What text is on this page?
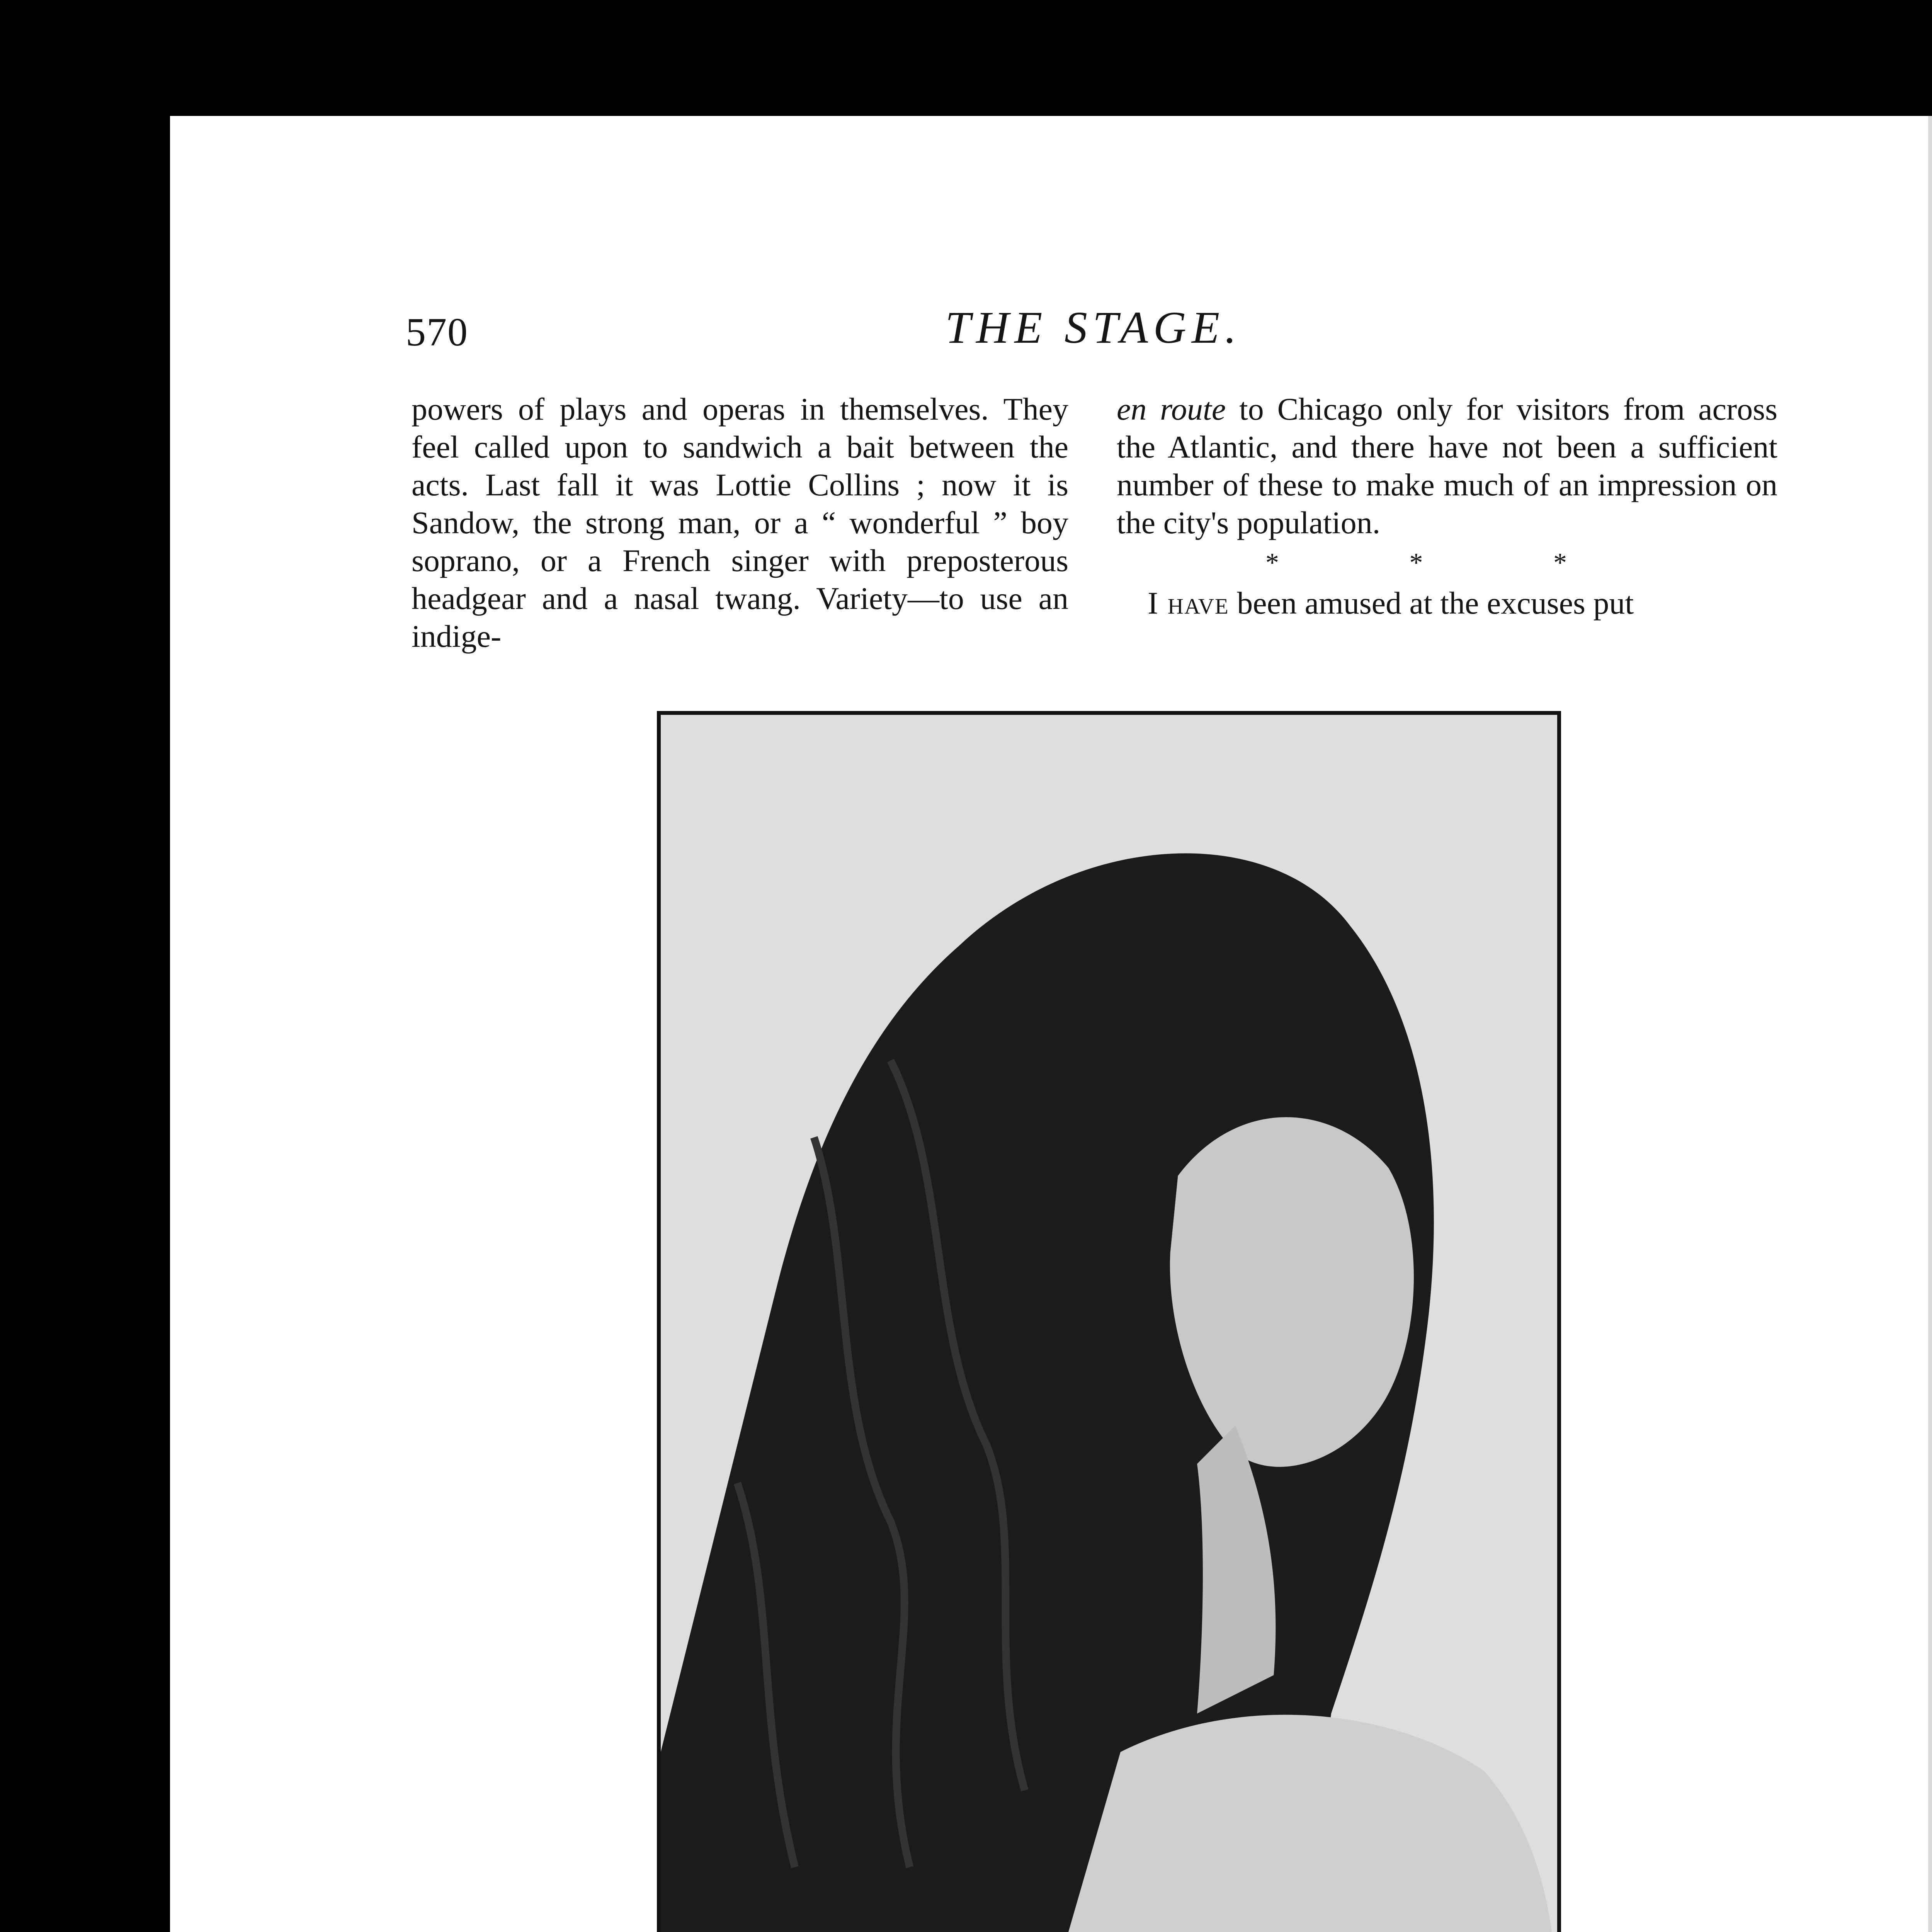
570	THE STAGE.

powers of plays and operas in themselves. They feel called upon to sandwich a bait between the acts. Last fall it was Lottie Collins ; now it is Sandow, the strong man, or a “ wonderful ” boy soprano, or a French singer with preposterous headgear and a nasal twang. Variety—to use an indige-

en route to Chicago only for visitors from across the Atlantic, and there have not been a sufficient number of these to make much of an impression on the city's population.

* * *
I have been amused at the excuses put
